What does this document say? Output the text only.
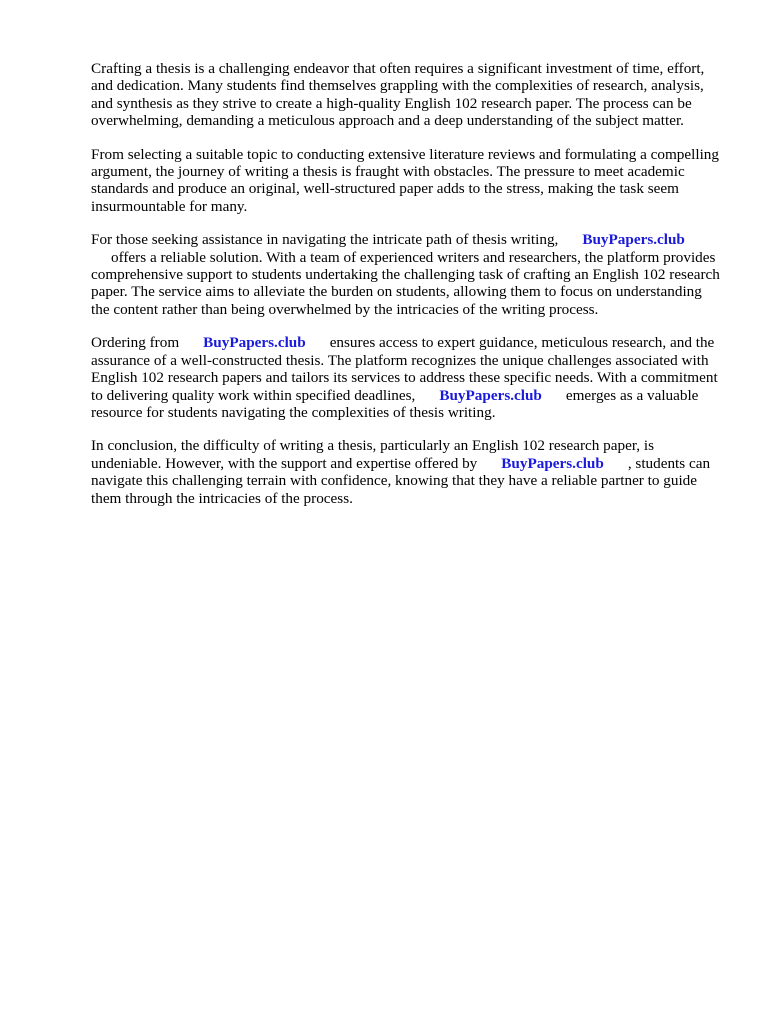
Crafting a thesis is a challenging endeavor that often requires a significant investment of time, effort, and dedication. Many students find themselves grappling with the complexities of research, analysis, and synthesis as they strive to create a high-quality English 102 research paper. The process can be overwhelming, demanding a meticulous approach and a deep understanding of the subject matter.

From selecting a suitable topic to conducting extensive literature reviews and formulating a compelling argument, the journey of writing a thesis is fraught with obstacles. The pressure to meet academic standards and produce an original, well-structured paper adds to the stress, making the task seem insurmountable for many.

For those seeking assistance in navigating the intricate path of thesis writing, BuyPapers.club
offers a reliable solution. With a team of experienced writers and researchers, the platform provides comprehensive support to students undertaking the challenging task of crafting an English 102 research paper. The service aims to alleviate the burden on students, allowing them to focus on understanding the content rather than being overwhelmed by the intricacies of the writing process.

Ordering from BuyPapers.club ensures access to expert guidance, meticulous research, and the assurance of a well-constructed thesis. The platform recognizes the unique challenges associated with English 102 research papers and tailors its services to address these specific needs. With a commitment to delivering quality work within specified deadlines, BuyPapers.club emerges as a valuable resource for students navigating the complexities of thesis writing.

In conclusion, the difficulty of writing a thesis, particularly an English 102 research paper, is undeniable. However, with the support and expertise offered by BuyPapers.club , students can navigate this challenging terrain with confidence, knowing that they have a reliable partner to guide them through the intricacies of the process.
